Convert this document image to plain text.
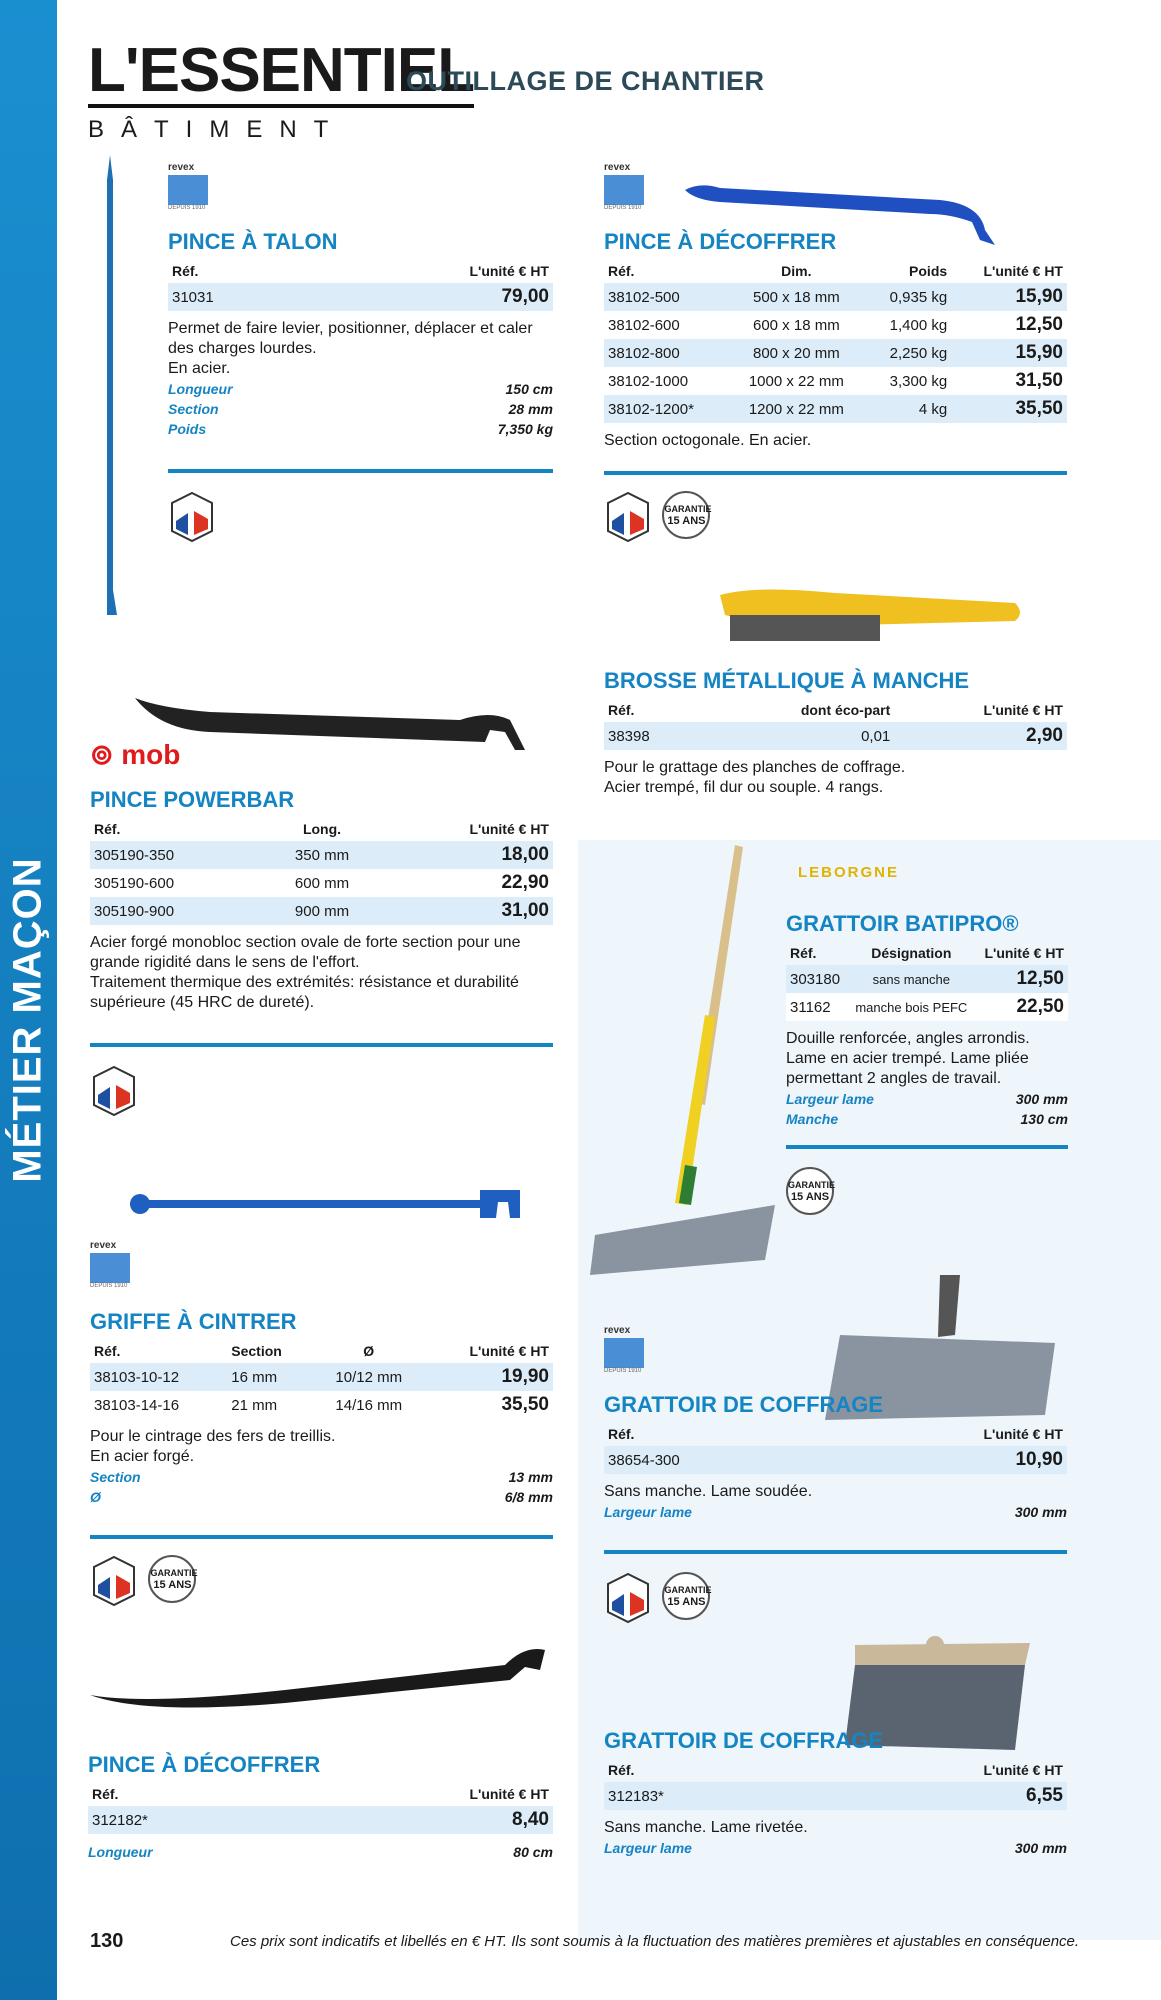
MÉTIER MAÇON
L'ESSENTIEL
BÂTIMENT
OUTILLAGE DE CHANTIER
revex
DEPUIS 1910
PINCE À TALON
Réf.	L'unité € HT
31031	79,00
Permet de faire levier, positionner, déplacer et caler des charges lourdes.
En acier.
Longueur	150 cm
Section	28 mm
Poids	7,350 kg
revex
DEPUIS 1910
PINCE À DÉCOFFRER
Réf.	Dim.	Poids	L'unité € HT
38102-500	500 x 18 mm	0,935 kg	15,90
38102-600	600 x 18 mm	1,400 kg	12,50
38102-800	800 x 20 mm	2,250 kg	15,90
38102-1000	1000 x 22 mm	3,300 kg	31,50
38102-1200*	1200 x 22 mm	4 kg	35,50
Section octogonale. En acier.
GARANTIE
15 ANS
BROSSE MÉTALLIQUE À MANCHE
Réf.	dont éco-part	L'unité € HT
38398	0,01	2,90
Pour le grattage des planches de coffrage.
Acier trempé, fil dur ou souple. 4 rangs.
⊚ mob
PINCE POWERBAR
Réf.	Long.	L'unité € HT
305190-350	350 mm	18,00
305190-600	600 mm	22,90
305190-900	900 mm	31,00
Acier forgé monobloc section ovale de forte section pour une grande rigidité dans le sens de l'effort.
Traitement thermique des extrémités: résistance et durabilité supérieure (45 HRC de dureté).
revex
DEPUIS 1910
GRIFFE À CINTRER
Réf.	Section	Ø	L'unité € HT
38103-10-12	16 mm	10/12 mm	19,90
38103-14-16	21 mm	14/16 mm	35,50
Pour le cintrage des fers de treillis.
En acier forgé.
Section	13 mm
Ø	6/8 mm
GARANTIE
15 ANS
PINCE À DÉCOFFRER
Réf.	L'unité € HT
312182*	8,40
Longueur	80 cm
LEBORGNE
GRATTOIR BATIPRO®
Réf.	Désignation	L'unité € HT
303180	sans manche	12,50
31162	manche bois PEFC	22,50
Douille renforcée, angles arrondis.
Lame en acier trempé. Lame pliée permettant 2 angles de travail.
Largeur lame	300 mm
Manche	130 cm
GARANTIE
15 ANS
revex
DEPUIS 1910
GRATTOIR DE COFFRAGE
Réf.	L'unité € HT
38654-300	10,90
Sans manche. Lame soudée.
Largeur lame	300 mm
GARANTIE
15 ANS
GRATTOIR DE COFFRAGE
Réf.	L'unité € HT
312183*	6,55
Sans manche. Lame rivetée.
Largeur lame	300 mm
130	Ces prix sont indicatifs et libellés en € HT. Ils sont soumis à la fluctuation des matières premières et ajustables en conséquence.
